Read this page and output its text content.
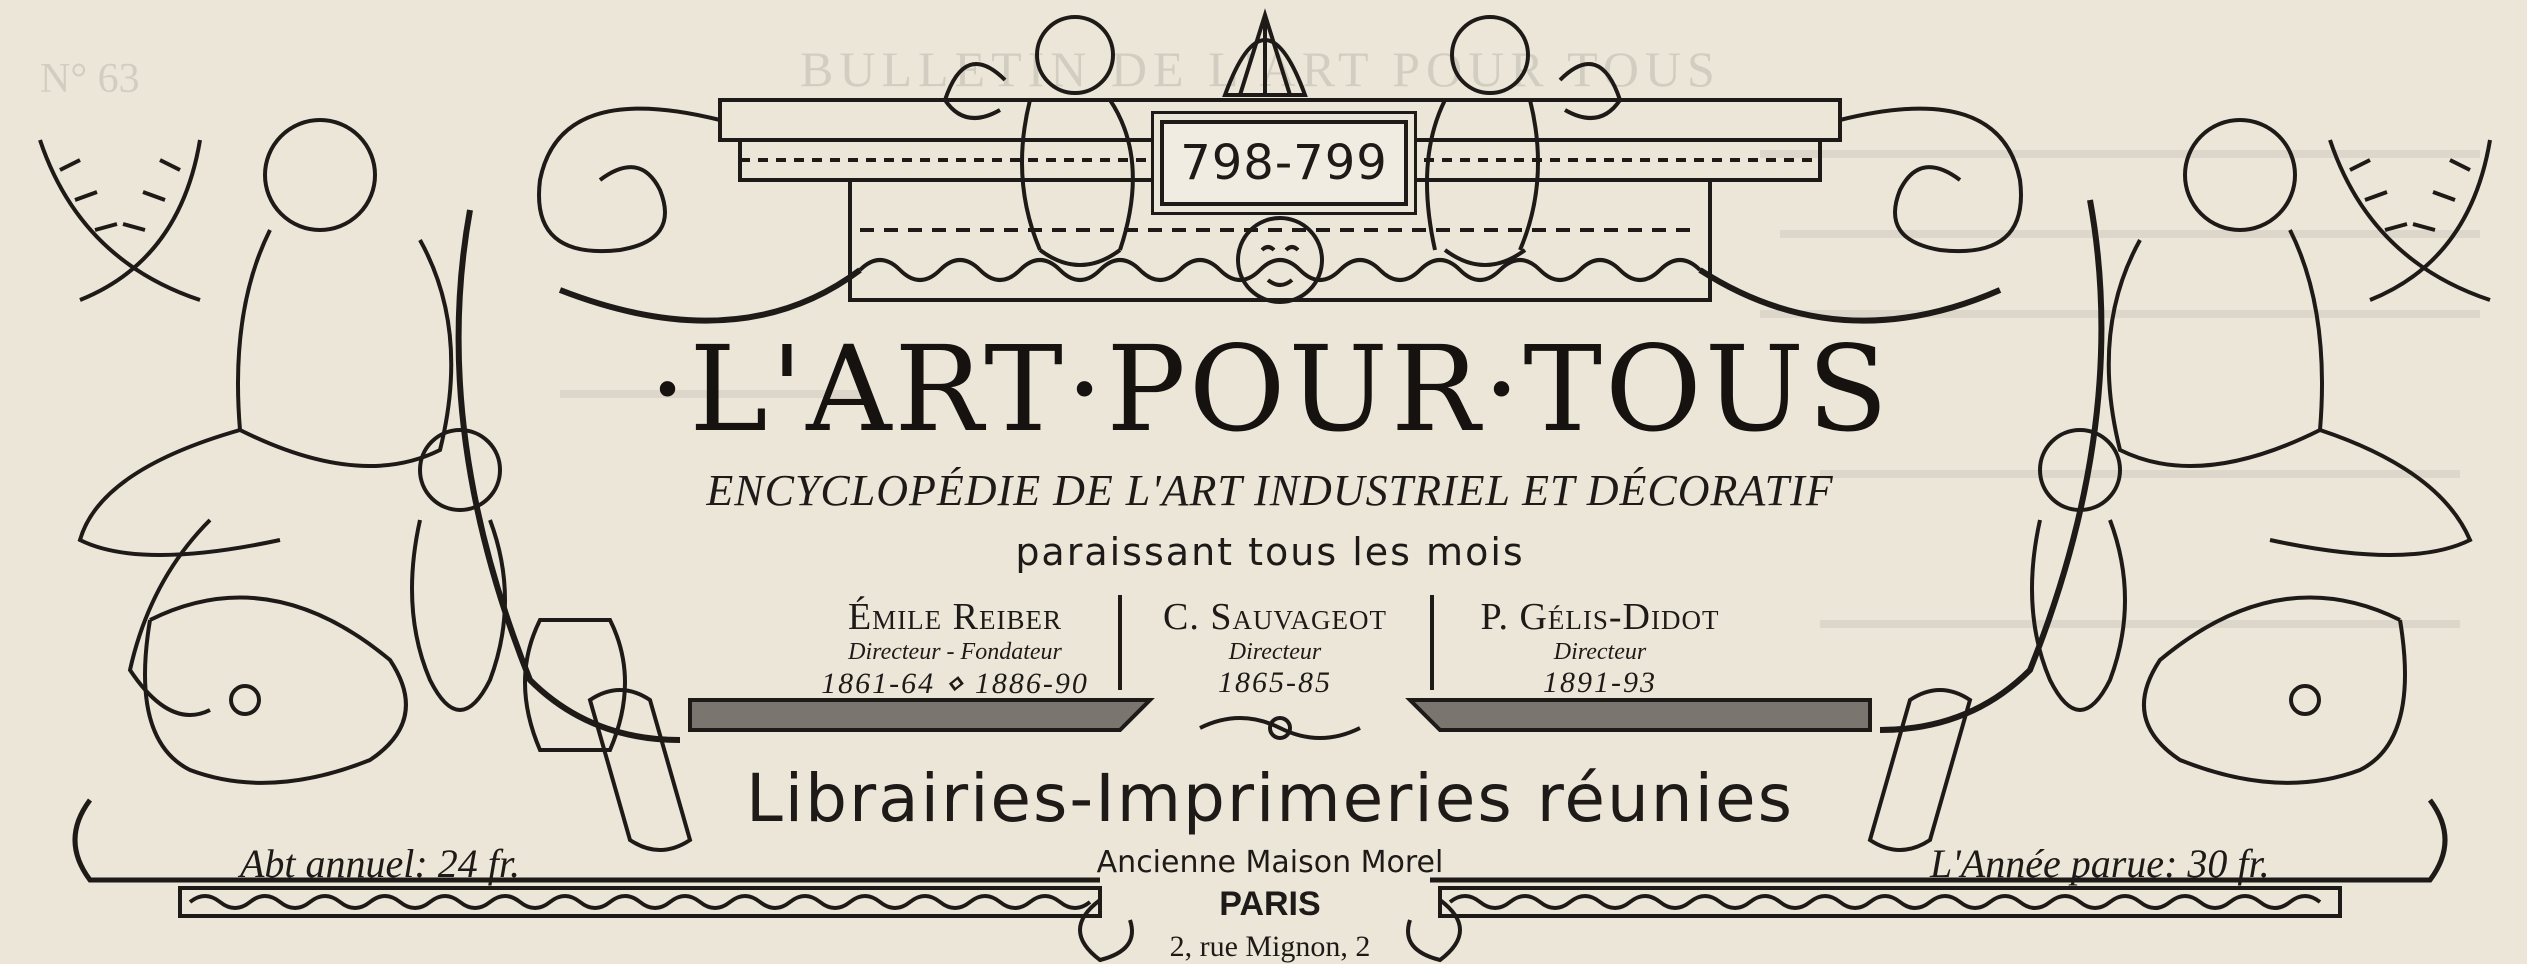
BULLETIN DE L'ART POUR TOUS
N° 63
798-799
·L'ART·POUR·TOUS
ENCYCLOPÉDIE DE L'ART INDUSTRIEL ET DÉCORATIF
paraissant tous les mois
Émile Reiber
Directeur - Fondateur
1861-64 ⋄ 1886-90
C. Sauvageot
Directeur
1865-85
P. Gélis-Didot
Directeur
1891-93
Librairies-Imprimeries réunies
Ancienne Maison Morel
PARIS
2, rue Mignon, 2
Abt annuel: 24 fr.	L'Année parue: 30 fr.
